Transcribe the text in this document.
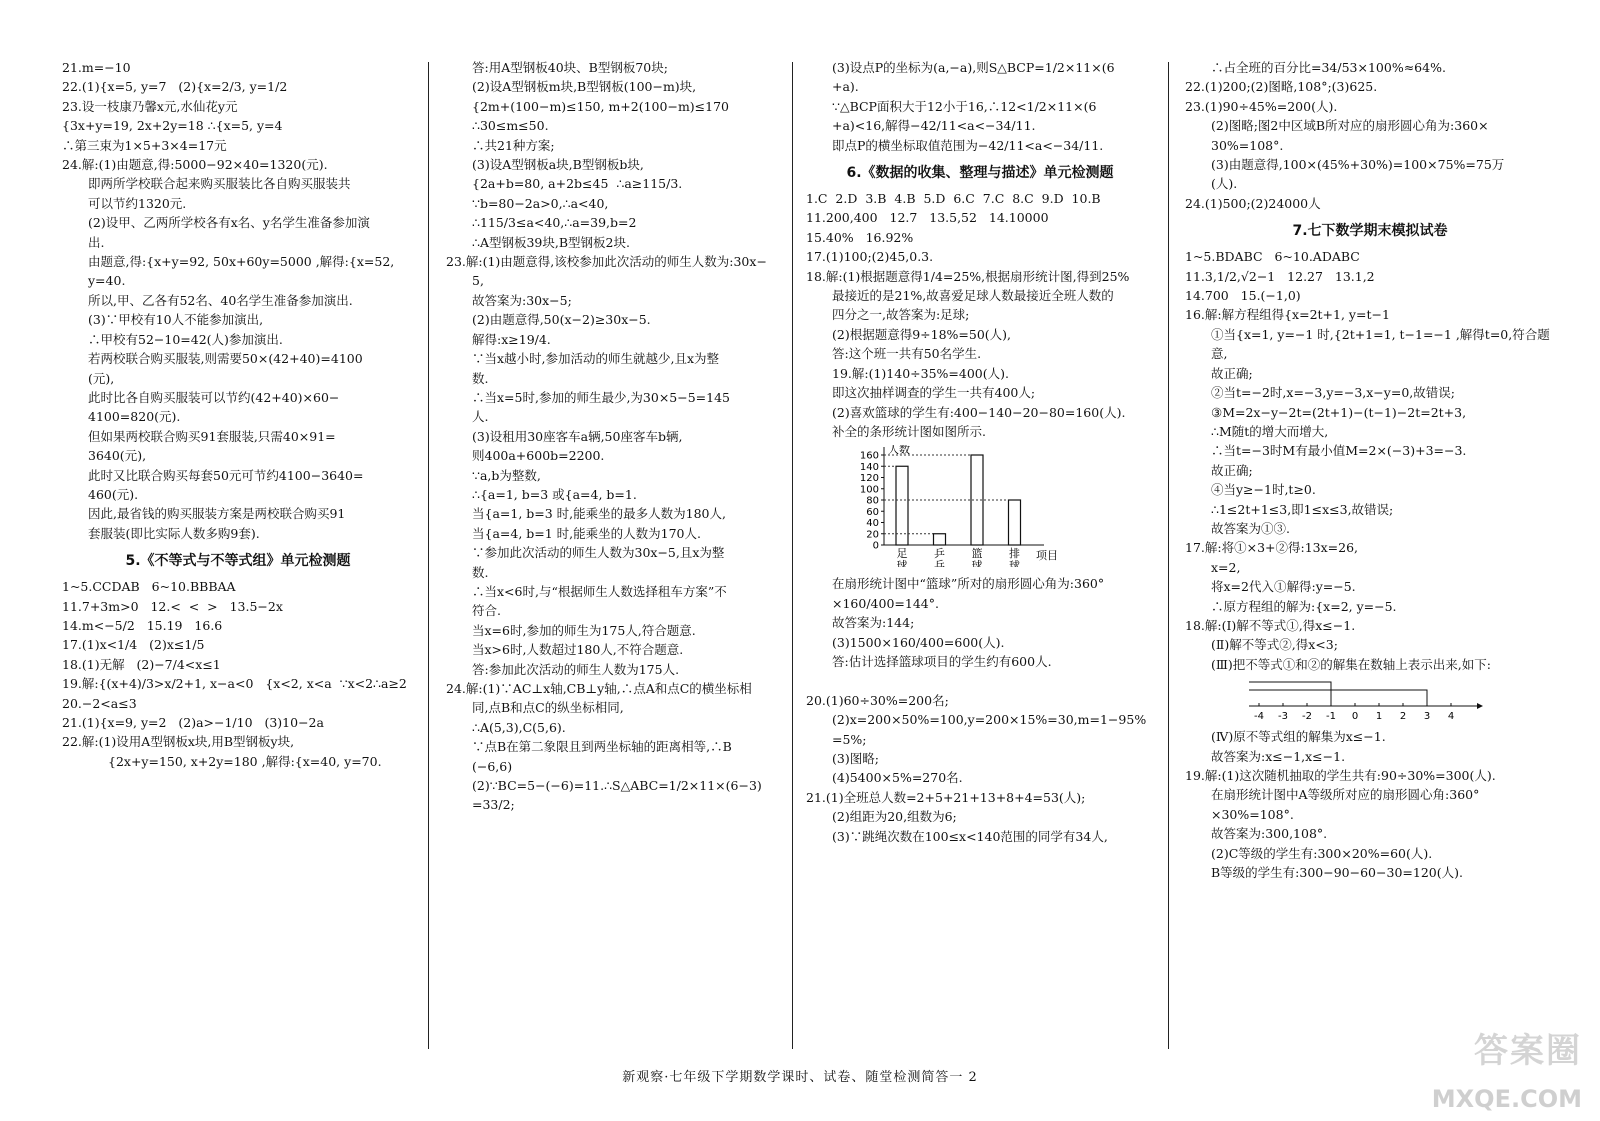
21.m=−10

22.(1){x=5, y=7   (2){x=2/3, y=1/2

23.设一枝康乃馨x元,水仙花y元

{3x+y=19, 2x+2y=18 ∴{x=5, y=4

∴第三束为1×5+3×4=17元

24.解:(1)由题意,得:5000−92×40=1320(元).

即两所学校联合起来购买服装比各自购买服装共

可以节约1320元.

(2)设甲、乙两所学校各有x名、y名学生准备参加演

出.

由题意,得:{x+y=92, 50x+60y=5000 ,解得:{x=52, y=40.

所以,甲、乙各有52名、40名学生准备参加演出.

(3)∵甲校有10人不能参加演出,

∴甲校有52−10=42(人)参加演出.

若两校联合购买服装,则需要50×(42+40)=4100

(元),

此时比各自购买服装可以节约(42+40)×60−

4100=820(元).

但如果两校联合购买91套服装,只需40×91=

3640(元),

此时又比联合购买每套50元可节约4100−3640=

460(元).

因此,最省钱的购买服装方案是两校联合购买91

套服装(即比实际人数多购9套).

5.《不等式与不等式组》单元检测题

1~5.CCDAB   6~10.BBBAA

11.7+3m>0   12.<  <  >   13.5−2x

14.m<−5/2   15.19   16.6

17.(1)x<1/4   (2)x≤1/5

18.(1)无解   (2)−7/4<x≤1

19.解:{(x+4)/3>x/2+1, x−a<0   {x<2, x<a  ∵x<2∴a≥2

20.−2<a≤3

21.(1){x=9, y=2   (2)a>−1/10   (3)10−2a

22.解:(1)设用A型钢板x块,用B型钢板y块,

{2x+y=150, x+2y=180 ,解得:{x=40, y=70.

答:用A型钢板40块、B型钢板70块;

(2)设A型钢板m块,B型钢板(100−m)块,

{2m+(100−m)≤150, m+2(100−m)≤170  ∴30≤m≤50.

∴共21种方案;

(3)设A型钢板a块,B型钢板b块,

{2a+b=80, a+2b≤45  ∴a≥115/3.

∵b=80−2a>0,∴a<40,

∴115/3≤a<40,∴a=39,b=2

∴A型钢板39块,B型钢板2块.

23.解:(1)由题意得,该校参加此次活动的师生人数为:30x−

5,

故答案为:30x−5;

(2)由题意得,50(x−2)≥30x−5.

解得:x≥19/4.

∵当x越小时,参加活动的师生就越少,且x为整

数.

∴当x=5时,参加的师生最少,为30×5−5=145

人.

(3)设租用30座客车a辆,50座客车b辆,

则400a+600b=2200.

∵a,b为整数,

∴{a=1, b=3 或{a=4, b=1.

当{a=1, b=3 时,能乘坐的最多人数为180人,

当{a=4, b=1 时,能乘坐的人数为170人.

∵参加此次活动的师生人数为30x−5,且x为整

数.

∴当x<6时,与“根据师生人数选择租车方案”不

符合.

当x=6时,参加的师生为175人,符合题意.

当x>6时,人数超过180人,不符合题意.

答:参加此次活动的师生人数为175人.

24.解:(1)∵AC⊥x轴,CB⊥y轴,∴点A和点C的横坐标相

同,点B和点C的纵坐标相同,

∴A(5,3),C(5,6).

∵点B在第二象限且到两坐标轴的距离相等,∴B

(−6,6)

(2)∵BC=5−(−6)=11.∴S△ABC=1/2×11×(6−3)

=33/2;

(3)设点P的坐标为(a,−a),则S△BCP=1/2×11×(6

+a).

∵△BCP面积大于12小于16,∴12<1/2×11×(6

+a)<16,解得−42/11<a<−34/11.

即点P的横坐标取值范围为−42/11<a<−34/11.

6.《数据的收集、整理与描述》单元检测题

1.C  2.D  3.B  4.B  5.D  6.C  7.C  8.C  9.D  10.B

11.200,400   12.7   13.5,52   14.10000

15.40%   16.92%

17.(1)100;(2)45,0.3.

18.解:(1)根据题意得1/4=25%,根据扇形统计图,得到25%

最接近的是21%,故喜爱足球人数最接近全班人数的

四分之一,故答案为:足球;

(2)根据题意得9÷18%=50(人),

答:这个班一共有50名学生.

19.解:(1)140÷35%=400(人).

即这次抽样调查的学生一共有400人;

(2)喜欢篮球的学生有:400−140−20−80=160(人).

补全的条形统计图如图所示.

0
20
40
60
80
100
120
140
160 人数
项目
足球
乒乓
篮球
排球

在扇形统计图中“篮球”所对的扇形圆心角为:360°

×160/400=144°.

故答案为:144;

(3)1500×160/400=600(人).

答:估计选择篮球项目的学生约有600人.

20.(1)60÷30%=200名;

(2)x=200×50%=100,y=200×15%=30,m=1−95%

=5%;

(3)图略;

(4)5400×5%=270名.

21.(1)全班总人数=2+5+21+13+8+4=53(人);

(2)组距为20,组数为6;

(3)∵跳绳次数在100≤x<140范围的同学有34人,

∴占全班的百分比=34/53×100%≈64%.

22.(1)200;(2)图略,108°;(3)625.

23.(1)90÷45%=200(人).

(2)图略;图2中区域B所对应的扇形圆心角为:360×

30%=108°.

(3)由题意得,100×(45%+30%)=100×75%=75万

(人).

24.(1)500;(2)24000人

7.七下数学期末模拟试卷

1~5.BDABC   6~10.ADABC

11.3,1/2,√2−1   12.27   13.1,2

14.700   15.(−1,0)

16.解:解方程组得{x=2t+1, y=t−1

①当{x=1, y=−1 时,{2t+1=1, t−1=−1 ,解得t=0,符合题意,

故正确;

②当t=−2时,x=−3,y=−3,x−y=0,故错误;

③M=2x−y−2t=(2t+1)−(t−1)−2t=2t+3,

∴M随t的增大而增大,

∴当t=−3时M有最小值M=2×(−3)+3=−3.

故正确;

④当y≥−1时,t≥0.

∴1≤2t+1≤3,即1≤x≤3,故错误;

故答案为①③.

17.解:将①×3+②得:13x=26,

x=2,

将x=2代入①解得:y=−5.

∴原方程组的解为:{x=2, y=−5.

18.解:(Ⅰ)解不等式①,得x≤−1.

(Ⅱ)解不等式②,得x<3;

(Ⅲ)把不等式①和②的解集在数轴上表示出来,如下:

-4 -3 -2 -1 0 1 2 3 4

(Ⅳ)原不等式组的解集为x≤−1.

故答案为:x≤−1,x≤−1.

19.解:(1)这次随机抽取的学生共有:90÷30%=300(人).

在扇形统计图中A等级所对应的扇形圆心角:360°

×30%=108°.

故答案为:300,108°.

(2)C等级的学生有:300×20%=60(人).

B等级的学生有:300−90−60−30=120(人).

新观察·七年级下学期数学课时、试卷、随堂检测简答一 2
答案圈
MXQE.COM
